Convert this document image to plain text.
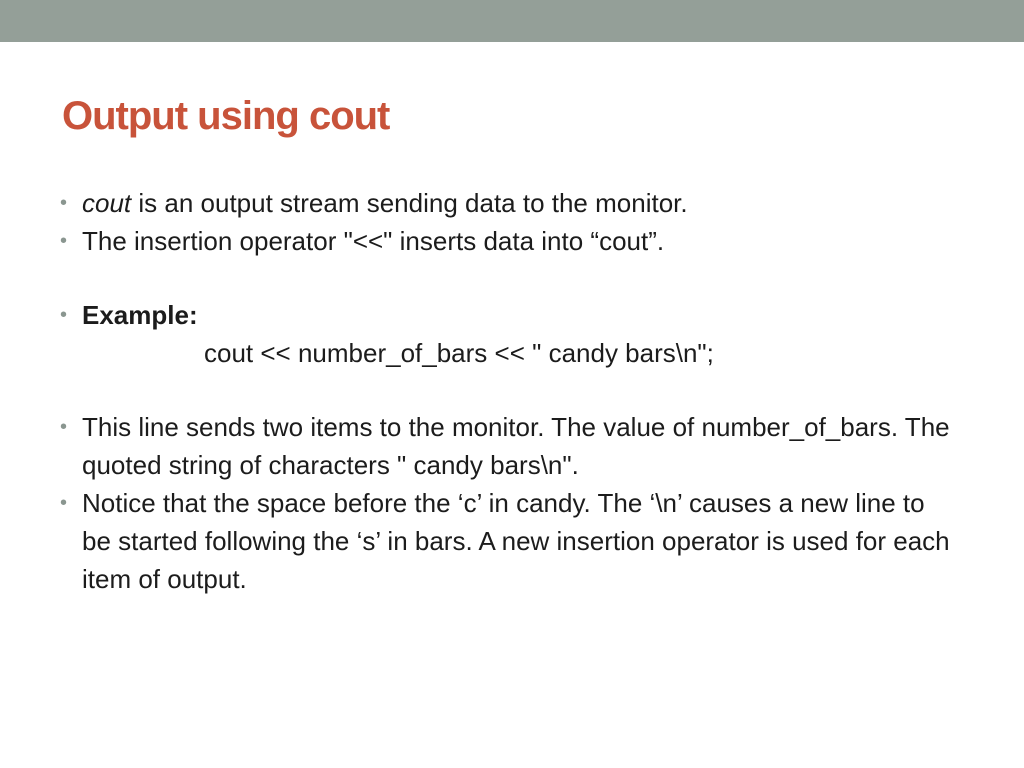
Output using cout
• cout is an output stream sending data to the monitor.
• The insertion operator "<<" inserts data into “cout”.
• Example:
cout << number_of_bars << " candy bars\n";
• This line sends two items to the monitor. The value of number_of_bars. The quoted string of characters " candy bars\n".
• Notice that the space before the ‘c’ in candy. The ‘\n’ causes a new line to be started following the ‘s’ in bars. A new insertion operator is used for each item of output.
